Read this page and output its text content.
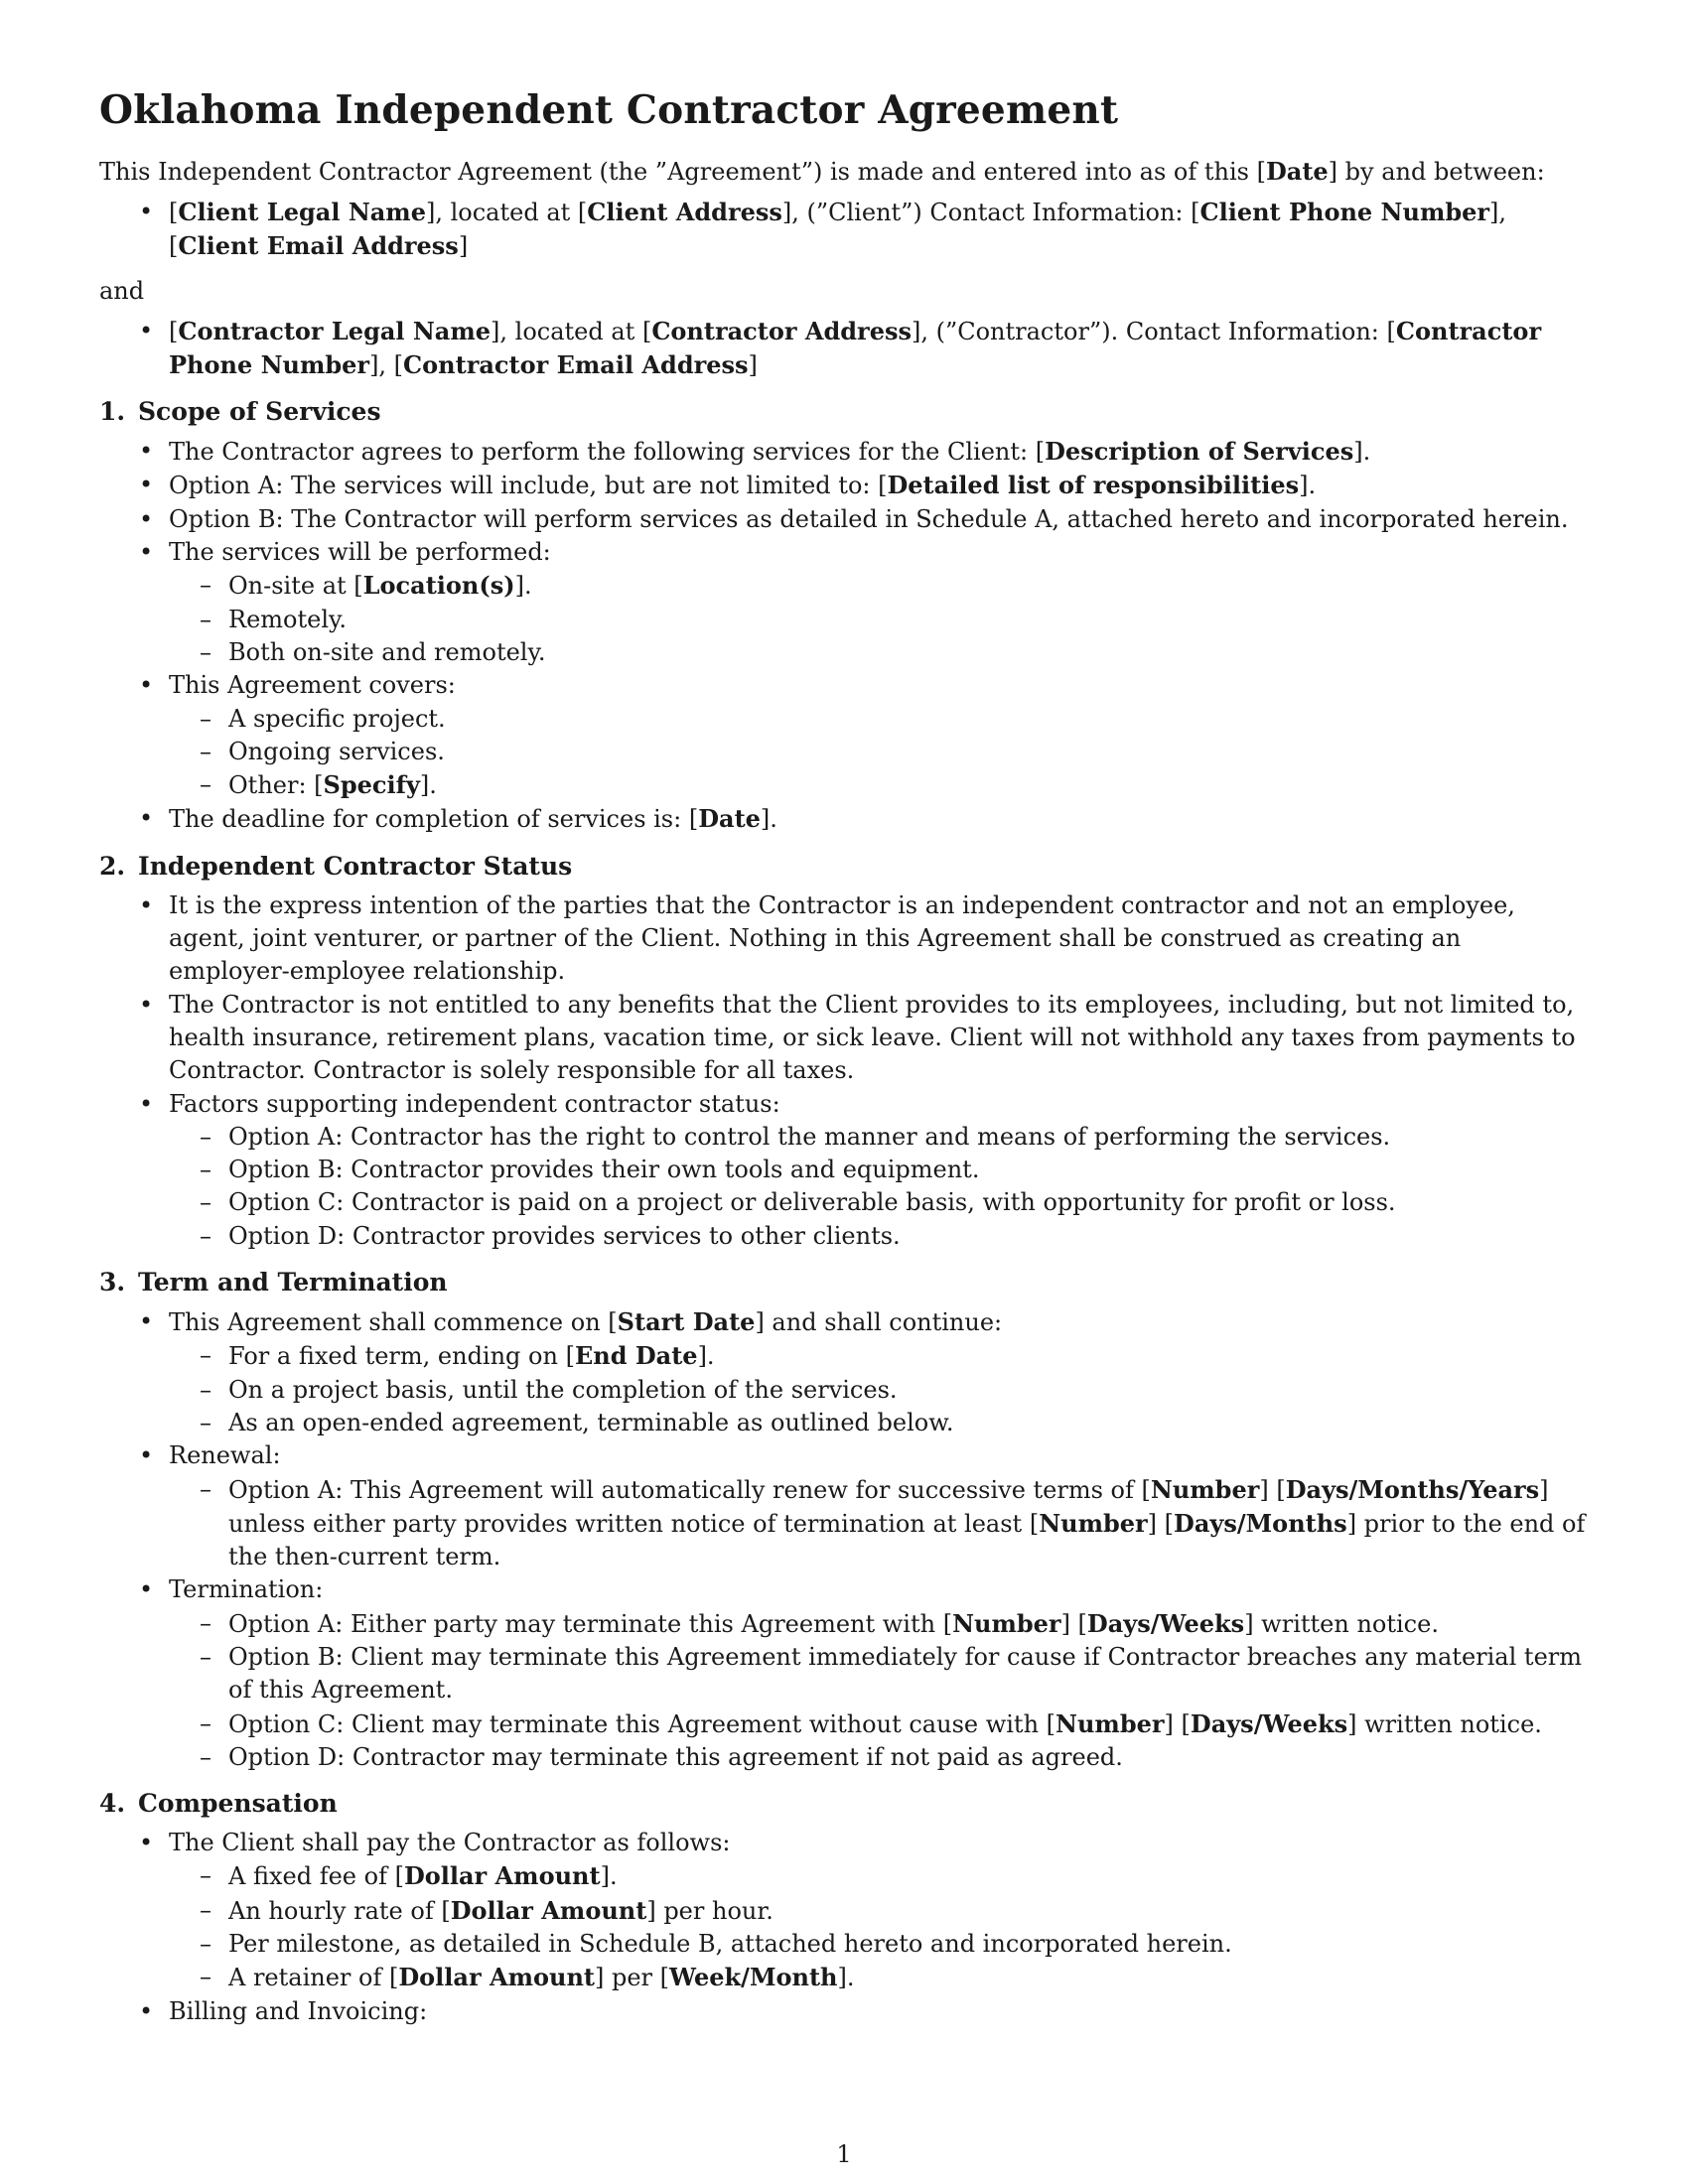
Oklahoma Independent Contractor Agreement

This Independent Contractor Agreement (the ”Agreement”) is made and entered into as of this [Date] by and between:

• [Client Legal Name], located at [Client Address], (”Client”) Contact Information: [Client Phone Number], [Client Email Address]

and

• [Contractor Legal Name], located at [Contractor Address], (”Contractor”). Contact Information: [Contractor Phone Number], [Contractor Email Address]
1. Scope of Services
• The Contractor agrees to perform the following services for the Client: [Description of Services].
• Option A: The services will include, but are not limited to: [Detailed list of responsibilities].
• Option B: The Contractor will perform services as detailed in Schedule A, attached hereto and incorporated herein.
• The services will be performed:
– On-site at [Location(s)].
– Remotely.
– Both on-site and remotely.
• This Agreement covers:
– A specific project.
– Ongoing services.
– Other: [Specify].
• The deadline for completion of services is: [Date].
2. Independent Contractor Status
• It is the express intention of the parties that the Contractor is an independent contractor and not an employee, agent, joint venturer, or partner of the Client. Nothing in this Agreement shall be construed as creating an employer-employee relationship.
• The Contractor is not entitled to any benefits that the Client provides to its employees, including, but not limited to, health insurance, retirement plans, vacation time, or sick leave. Client will not withhold any taxes from payments to Contractor. Contractor is solely responsible for all taxes.
• Factors supporting independent contractor status:
– Option A: Contractor has the right to control the manner and means of performing the services.
– Option B: Contractor provides their own tools and equipment.
– Option C: Contractor is paid on a project or deliverable basis, with opportunity for profit or loss.
– Option D: Contractor provides services to other clients.
3. Term and Termination
• This Agreement shall commence on [Start Date] and shall continue:
– For a fixed term, ending on [End Date].
– On a project basis, until the completion of the services.
– As an open-ended agreement, terminable as outlined below.
• Renewal:
– Option A: This Agreement will automatically renew for successive terms of [Number] [Days/Months/Years] unless either party provides written notice of termination at least [Number] [Days/Months] prior to the end of the then-current term.
• Termination:
– Option A: Either party may terminate this Agreement with [Number] [Days/Weeks] written notice.
– Option B: Client may terminate this Agreement immediately for cause if Contractor breaches any material term of this Agreement.
– Option C: Client may terminate this Agreement without cause with [Number] [Days/Weeks] written notice.
– Option D: Contractor may terminate this agreement if not paid as agreed.
4. Compensation
• The Client shall pay the Contractor as follows:
– A fixed fee of [Dollar Amount].
– An hourly rate of [Dollar Amount] per hour.
– Per milestone, as detailed in Schedule B, attached hereto and incorporated herein.
– A retainer of [Dollar Amount] per [Week/Month].
• Billing and Invoicing:
1
